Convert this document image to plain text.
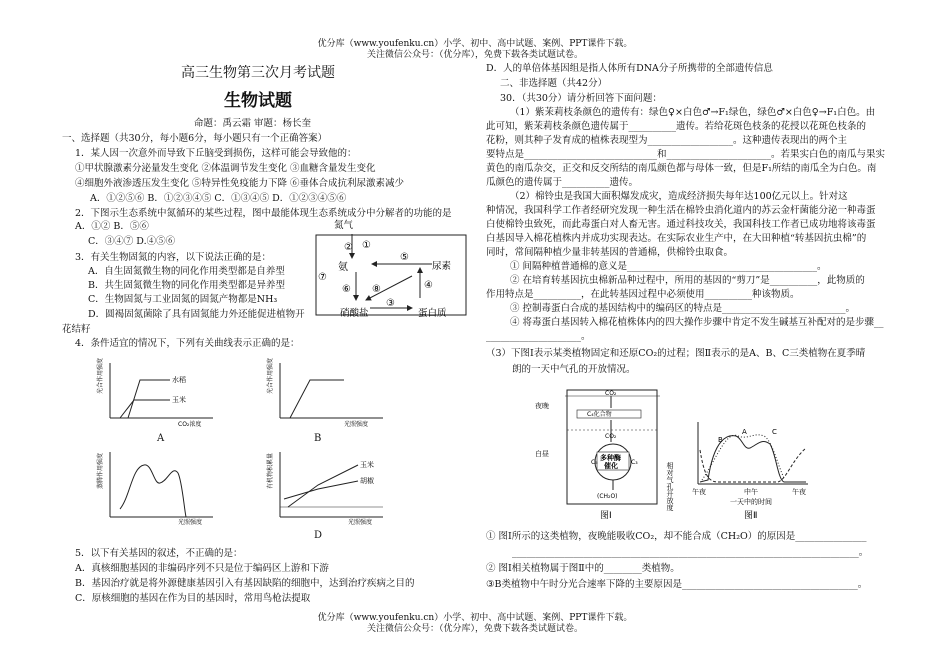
优分库（www.youfenku.cn）小学、初中、高中试题、案例、PPT课件下载。
关注微信公众号：（优分库），免费下载各类试题试卷。
高三生物第三次月考试题
生物试题
命题：禹云霜 审题：杨长奎
一、选择题（共30分，每小题6分，每小题只有一个正确答案）
1．某人因一次意外而导致下丘脑受到损伤，这样可能会导致他的：
①甲状腺激素分泌量发生变化 ②体温调节发生变化 ③血糖含量发生变化
④细胞外液渗透压发生变化 ⑤特异性免疫能力下降 ⑥垂体合成抗利尿激素减少
A．①②⑤⑥ B．①②③④⑤ C．①③④⑤ D．①②③④⑤⑥
2．下图示生态系统中氮循环的某些过程，图中最能体现生态系统成分中分解者的功能的是
A．①② B．⑤⑥
C．③④⑦ D.④⑤⑥
3．有关生物固氮的内容，以下说法正确的是：
A．自生固氮微生物的同化作用类型都是自养型
B．共生固氮微生物的同化作用类型都是异养型
C．生物固氮与工业固氮的固氮产物都是NH₃
D．圆褐固氮菌除了具有固氮能力外还能促进植物开
花结籽
4．条件适宜的情况下，下列有关曲线表示正确的是：
氮气
氨	尿素
硝酸盐	蛋白质
①
②
⑤
④
⑦
⑥ ⑧
③
光合作用强度
CO₂浓度
水稻
玉米
A
光合作用强度
光照强度
B
蒸腾作用强度
光照强度
有机物积累量
光照强度
玉米
胡椒
D
5．以下有关基因的叙述，不正确的是：
A．真核细胞基因的非编码序列不只是位于编码区上游和下游
B．基因治疗就是将外源健康基因引入有基因缺陷的细胞中，达到治疗疾病之目的
C．原核细胞的基因在作为目的基因时，常用鸟枪法提取
D．人的单倍体基因组是指人体所有DNA分子所携带的全部遗传信息
二、非选择题（共42分）
30．（共30分）请分析回答下面问题：
（1）紫茉莉枝条颜色的遗传有：绿色♀×白色♂→F₁绿色，绿色♂×白色♀→F₁白色。由
此可知，紫茉莉枝条颜色遗传属于__________遗传。若给花斑色枝条的花授以花斑色枝条的
花粉，则其种子发育成的植株表现型为__________________。这种遗传表现出的两个主
要特点是____________________________和______________________。若果实白色的南瓜与果实
黄色的南瓜杂交，正交和反交所结的南瓜颜色都与母体一致，但是F₁所结的南瓜全为白色。南
瓜颜色的遗传属于__________遗传。
（2）棉铃虫是我国大面积爆发成灾，造成经济损失每年达100亿元以上。针对这
种情况，我国科学工作者经研究发现一种生活在棉铃虫消化道内的苏云金杆菌能分泌一种毒蛋
白使棉铃虫致死，而此毒蛋白对人畜无害。通过科技攻关，我国科技工作者已成功地将该毒蛋
白基因导入棉花植株内并成功实现表达。在实际农业生产中，在大田种植“转基因抗虫棉”的
同时，常间隔种植少量非转基因的普通棉，供棉铃虫取食。
① 间隔种植普通棉的意义是________________________________________。
② 在培育转基因抗虫棉新品种过程中，所用的基因的“剪刀”是__________，此物质的
作用特点是__________，在此转基因过程中必须使用__________种该物质。
③ 控制毒蛋白合成的基因结构中的编码区的特点是__________________________。
④ 将毒蛋白基因转入棉花植株体内的四大操作步骤中肯定不发生碱基互补配对的是步骤__
____________________。
（3）下图Ⅰ表示某类植物固定和还原CO₂的过程；图Ⅱ表示的是A、B、C三类植物在夏季晴
朗的一天中气孔的开放情况。
夜晚
白昼
CO₂
C₄化合物
CO₂
多种酶
催化
C₅	C₃
(CH₂O)
图Ⅰ
相对气孔开放度	午夜	中午	午夜
一天中的时间
A
B
C
图Ⅱ
① 图Ⅰ所示的这类植物，夜晚能吸收CO₂，却不能合成（CH₂O）的原因是_______________
_________________________________________________________________________。
② 图Ⅰ相关植物属于图Ⅱ中的________类植物。
③B类植物中午时分光合速率下降的主要原因是_____________________________________。
优分库（www.youfenku.cn）小学、初中、高中试题、案例、PPT课件下载。
关注微信公众号：（优分库），免费下载各类试题试卷。
